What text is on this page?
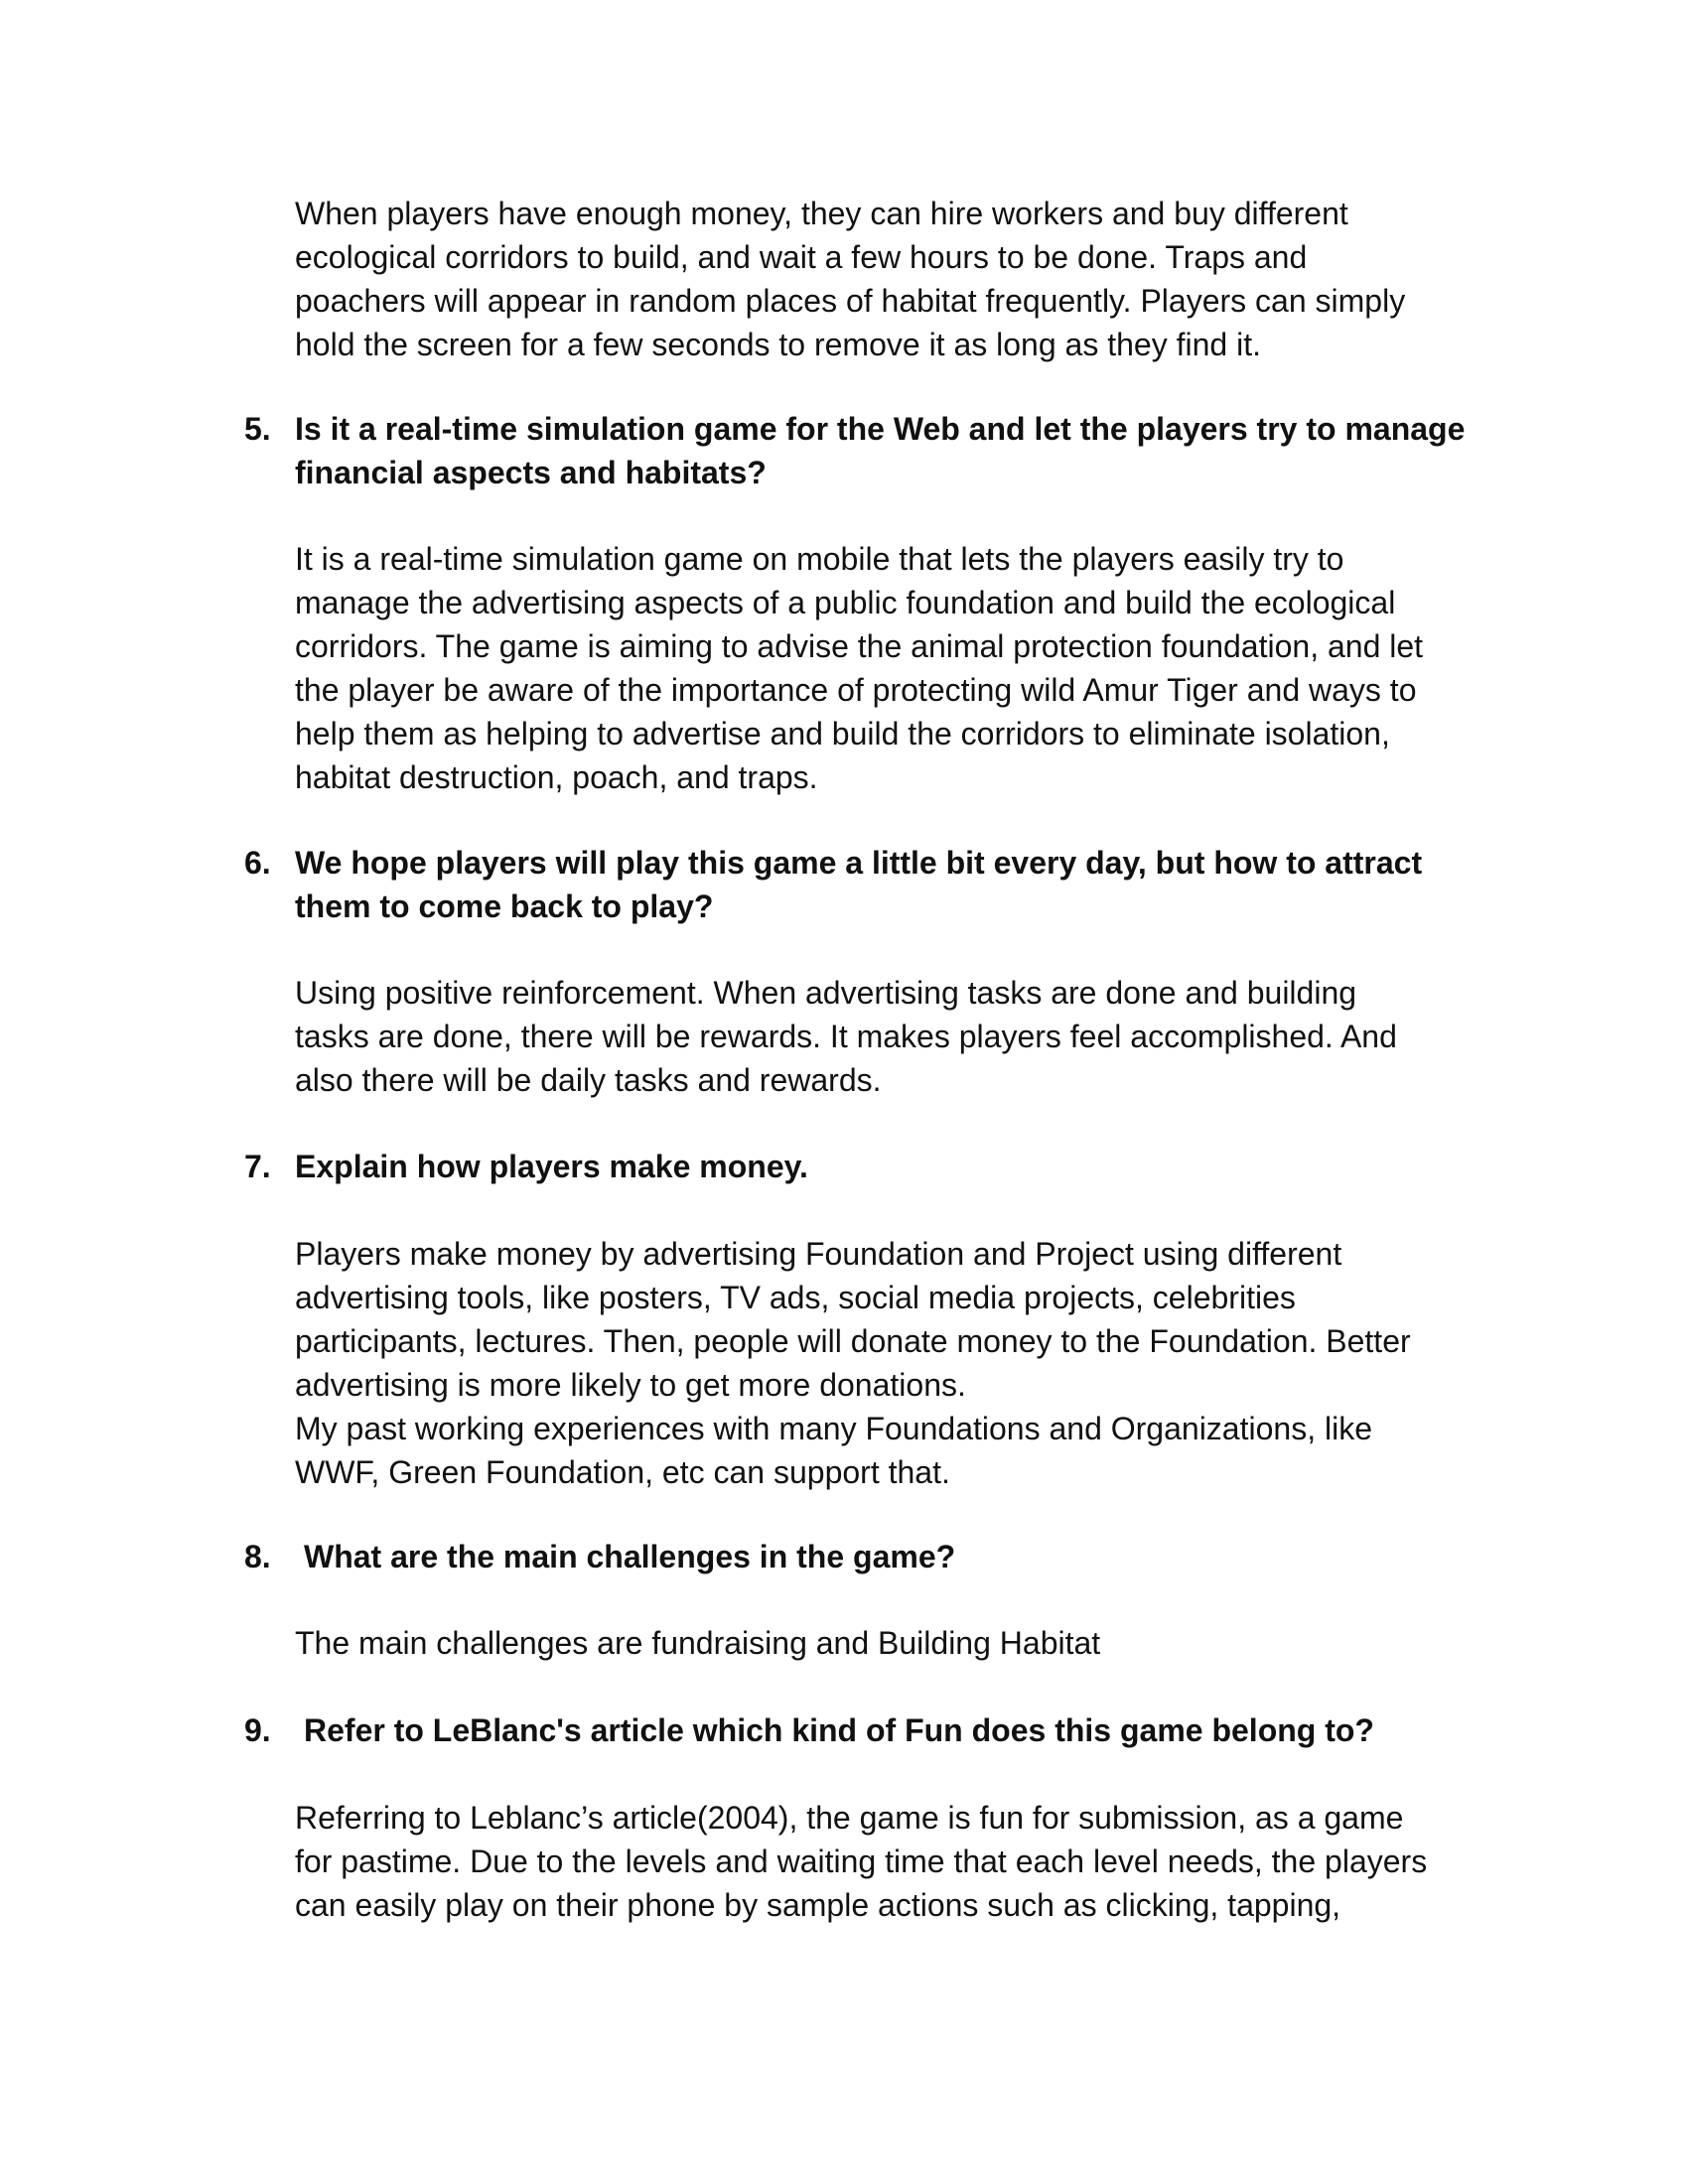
When players have enough money, they can hire workers and buy different
ecological corridors to build, and wait a few hours to be done. Traps and
poachers will appear in random places of habitat frequently. Players can simply
hold the screen for a few seconds to remove it as long as they find it.

5. Is it a real-time simulation game for the Web and let the players try to manage financial aspects and habitats?

It is a real-time simulation game on mobile that lets the players easily try to
manage the advertising aspects of a public foundation and build the ecological
corridors. The game is aiming to advise the animal protection foundation, and let
the player be aware of the importance of protecting wild Amur Tiger and ways to
help them as helping to advertise and build the corridors to eliminate isolation,
habitat destruction, poach, and traps.

6. We hope players will play this game a little bit every day, but how to attract them to come back to play?

Using positive reinforcement. When advertising tasks are done and building
tasks are done, there will be rewards. It makes players feel accomplished. And
also there will be daily tasks and rewards.

7. Explain how players make money.

Players make money by advertising Foundation and Project using different
advertising tools, like posters, TV ads, social media projects, celebrities
participants, lectures. Then, people will donate money to the Foundation. Better
advertising is more likely to get more donations.
My past working experiences with many Foundations and Organizations, like
WWF, Green Foundation, etc can support that.

8. What are the main challenges in the game?

The main challenges are fundraising and Building Habitat

9. Refer to LeBlanc's article which kind of Fun does this game belong to?

Referring to Leblanc’s article(2004), the game is fun for submission, as a game
for pastime. Due to the levels and waiting time that each level needs, the players
can easily play on their phone by sample actions such as clicking, tapping,
